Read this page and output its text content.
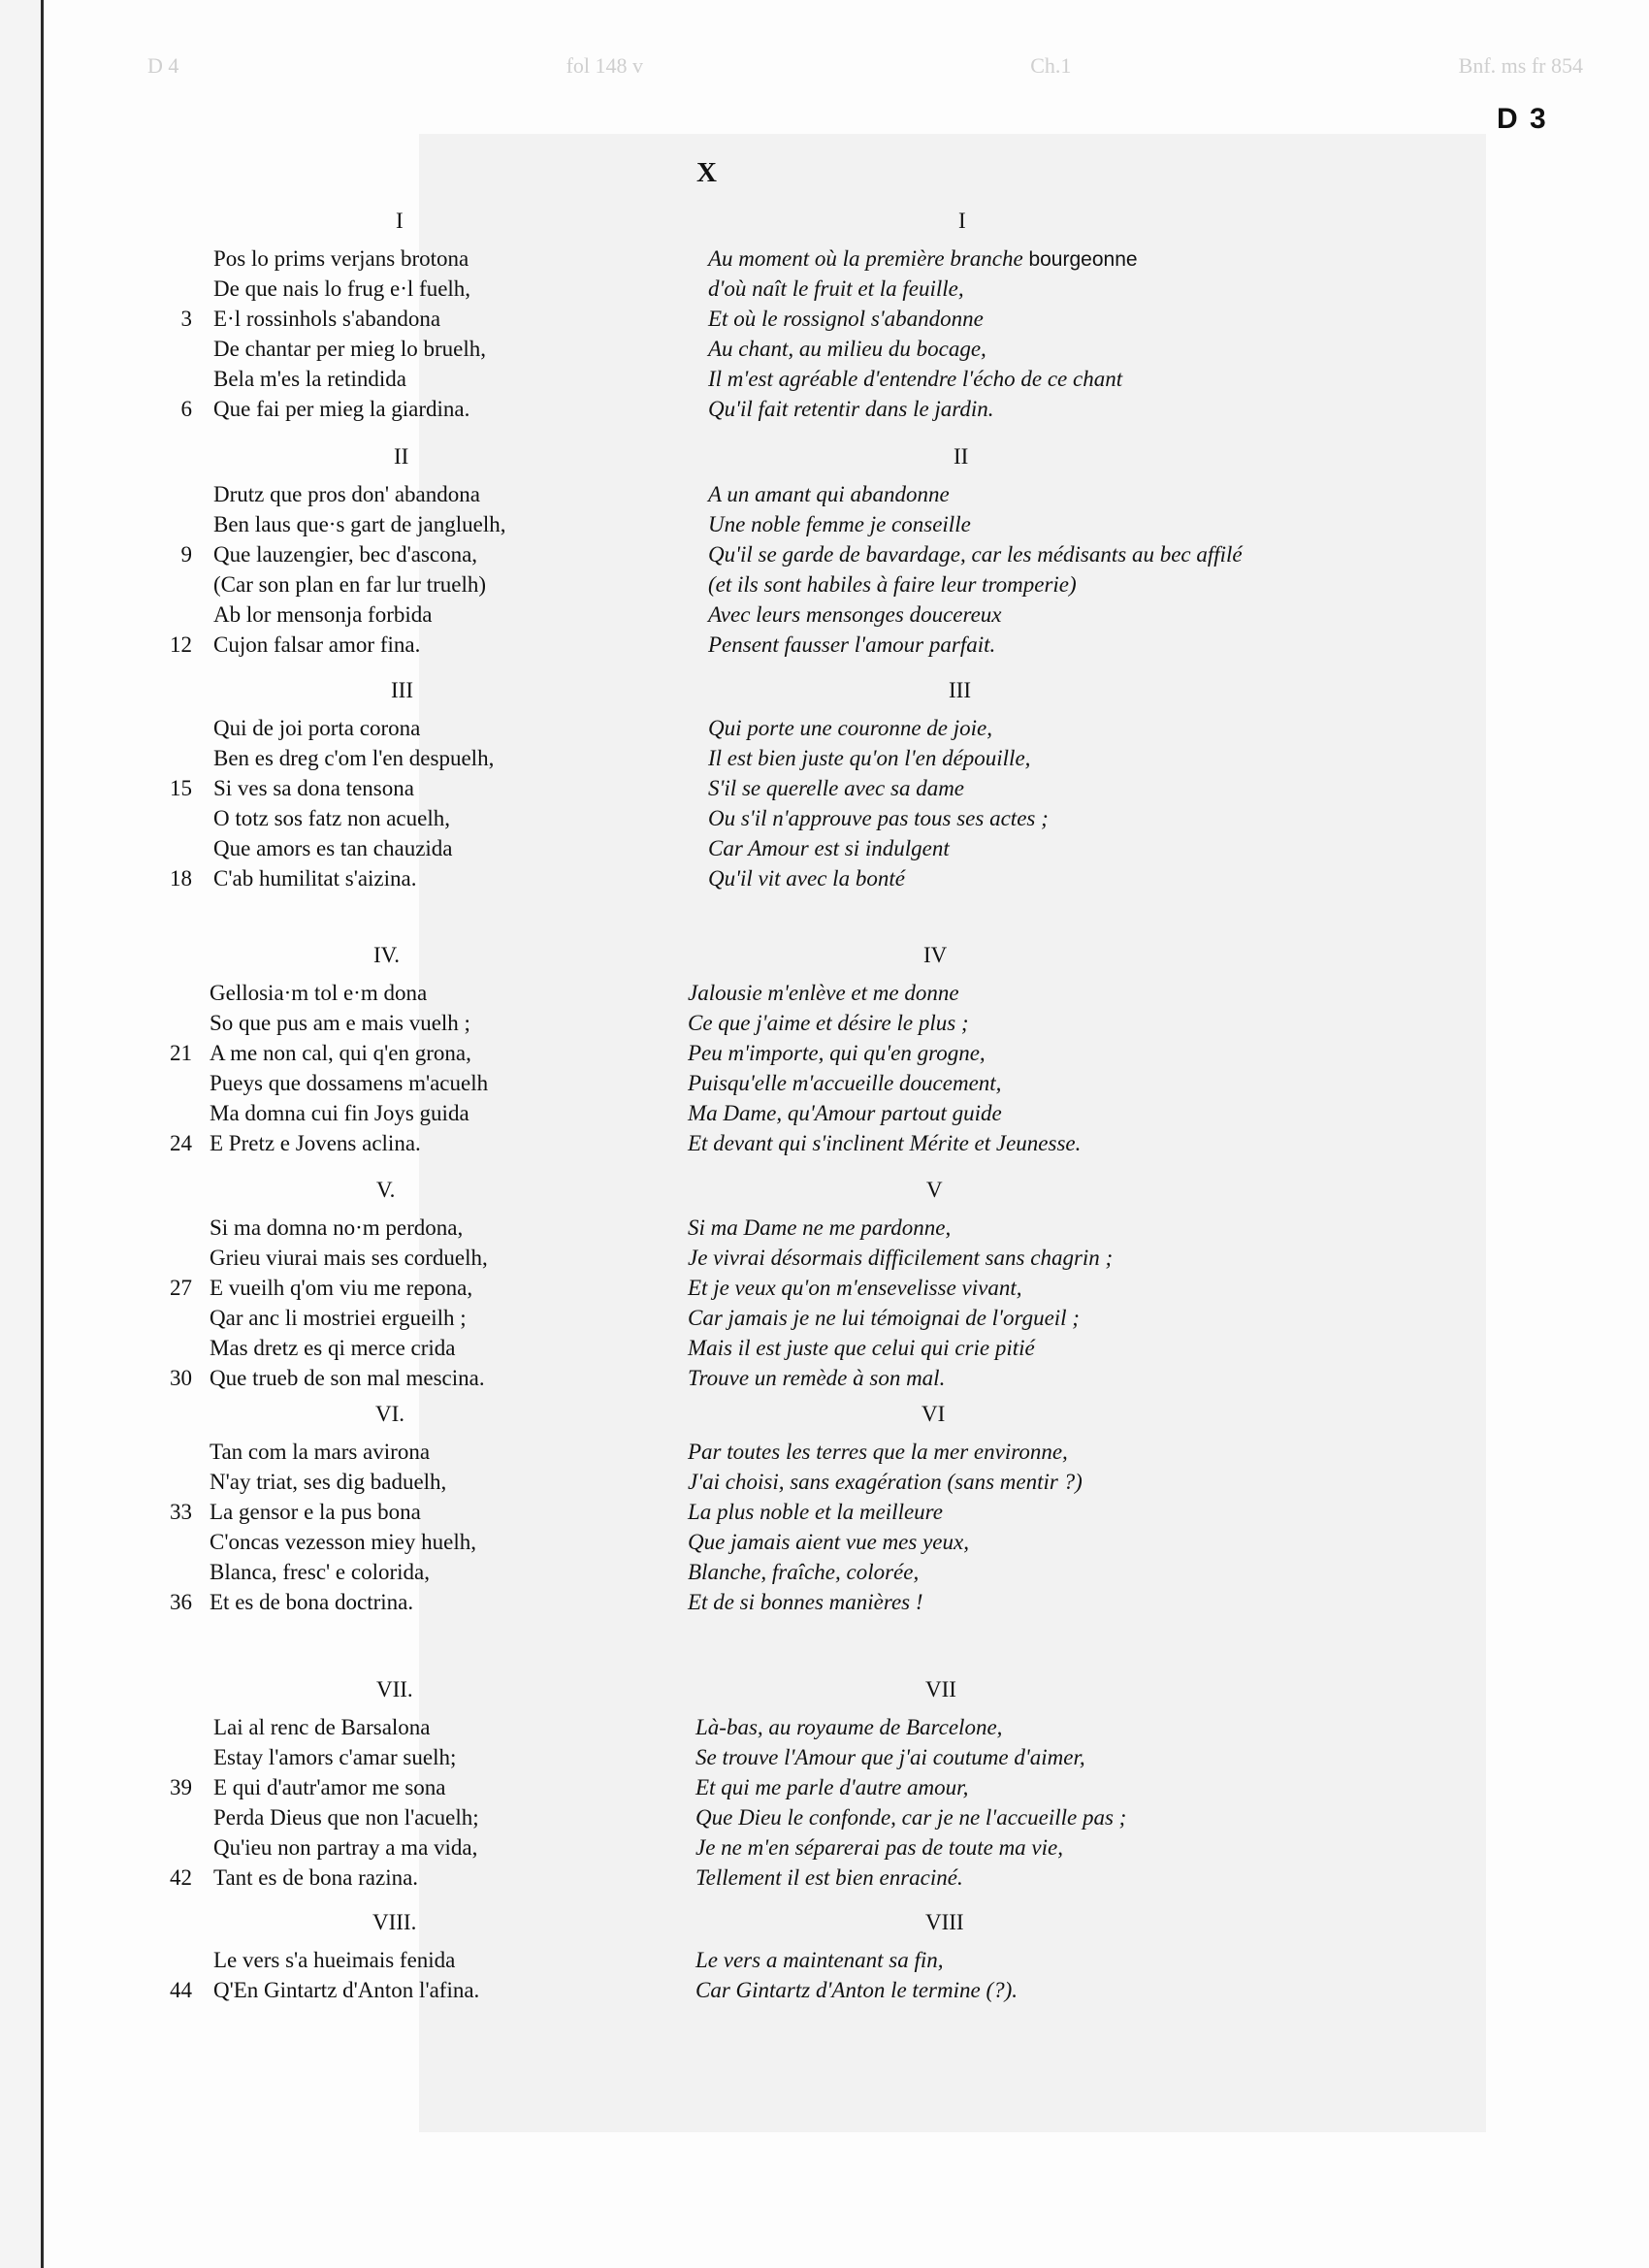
D 4	fol 148 v	Ch.1	Bnf. ms fr 854
D 3
X
I	I
Pos lo prims verjans brotona	Au moment où la première branche bourgeonne
De que nais lo frug e·l fuelh,	d'où naît le fruit et la feuille,
3 E·l rossinhols s'abandona	Et où le rossignol s'abandonne
De chantar per mieg lo bruelh,	Au chant, au milieu du bocage,
Bela m'es la retindida	Il m'est agréable d'entendre l'écho de ce chant
6 Que fai per mieg la giardina.	Qu'il fait retentir dans le jardin.
II	II
Drutz que pros don' abandona	A un amant qui abandonne
Ben laus que·s gart de jangluelh,	Une noble femme je conseille
9 Que lauzengier, bec d'ascona,	Qu'il se garde de bavardage, car les médisants au bec affilé
(Car son plan en far lur truelh)	(et ils sont habiles à faire leur tromperie)
Ab lor mensonja forbida	Avec leurs mensonges doucereux
12 Cujon falsar amor fina.	Pensent fausser l'amour parfait.
III	III
Qui de joi porta corona	Qui porte une couronne de joie,
Ben es dreg c'om l'en despuelh,	Il est bien juste qu'on l'en dépouille,
15 Si ves sa dona tensona	S'il se querelle avec sa dame
O totz sos fatz non acuelh,	Ou s'il n'approuve pas tous ses actes ;
Que amors es tan chauzida	Car Amour est si indulgent
18 C'ab humilitat s'aizina.	Qu'il vit avec la bonté
IV.	IV
Gellosia·m tol e·m dona	Jalousie m'enlève et me donne
So que pus am e mais vuelh ;	Ce que j'aime et désire le plus ;
21 A me non cal, qui q'en grona,	Peu m'importe, qui qu'en grogne,
Pueys que dossamens m'acuelh	Puisqu'elle m'accueille doucement,
Ma domna cui fin Joys guida	Ma Dame, qu'Amour partout guide
24 E Pretz e Jovens aclina.	Et devant qui s'inclinent Mérite et Jeunesse.
V.	V
Si ma domna no·m perdona,	Si ma Dame ne me pardonne,
Grieu viurai mais ses corduelh,	Je vivrai désormais difficilement sans chagrin ;
27 E vueilh q'om viu me repona,	Et je veux qu'on m'ensevelisse vivant,
Qar anc li mostriei ergueilh ;	Car jamais je ne lui témoignai de l'orgueil ;
Mas dretz es qi merce crida	Mais il est juste que celui qui crie pitié
30 Que trueb de son mal mescina.	Trouve un remède à son mal.
VI.	VI
Tan com la mars avirona	Par toutes les terres que la mer environne,
N'ay triat, ses dig baduelh,	J'ai choisi, sans exagération (sans mentir ?)
33 La gensor e la pus bona	La plus noble et la meilleure
C'oncas vezesson miey huelh,	Que jamais aient vue mes yeux,
Blanca, fresc' e colorida,	Blanche, fraîche, colorée,
36 Et es de bona doctrina.	Et de si bonnes manières !
VII.	VII
Lai al renc de Barsalona	Là-bas, au royaume de Barcelone,
Estay l'amors c'amar suelh;	Se trouve l'Amour que j'ai coutume d'aimer,
39 E qui d'autr'amor me sona	Et qui me parle d'autre amour,
Perda Dieus que non l'acuelh;	Que Dieu le confonde, car je ne l'accueille pas ;
Qu'ieu non partray a ma vida,	Je ne m'en séparerai pas de toute ma vie,
42 Tant es de bona razina.	Tellement il est bien enraciné.
VIII.	VIII
Le vers s'a hueimais fenida	Le vers a maintenant sa fin,
44 Q'En Gintartz d'Anton l'afina.	Car Gintartz d'Anton le termine (?).
